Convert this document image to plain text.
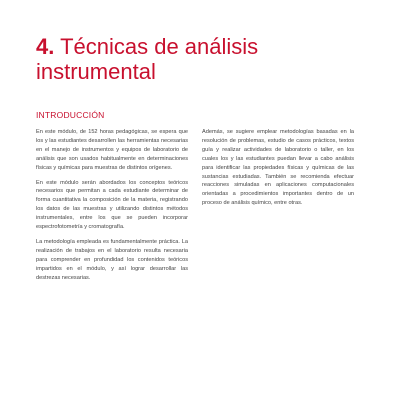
4. Técnicas de análisis instrumental
INTRODUCCIÓN

En este módulo, de 152 horas pedagógicas, se espera que los y las estudiantes desarrollen las herramientas necesarias en el manejo de instrumentos y equipos de laboratorio de análisis que son usados habitualmente en determinaciones físicas y químicas para muestras de distintos orígenes.

En este módulo serán abordados los conceptos teóricos necesarios que permitan a cada estudiante determinar de forma cuantitativa la composición de la materia, registrando los datos de las muestras y utilizando distintos métodos instrumentales, entre los que se pueden incorporar espectrofotometría y cromatografía.

La metodología empleada es fundamentalmente práctica. La realización de trabajos en el laboratorio resulta necesaria para comprender en profundidad los contenidos teóricos impartidos en el módulo, y así lograr desarrollar las destrezas necesarias.

Además, se sugiere emplear metodologías basadas en la resolución de problemas, estudio de casos prácticos, textos guía y realizar actividades de laboratorio o taller, en los cuales los y las estudiantes puedan llevar a cabo análisis para identificar las propiedades físicas y químicas de las sustancias estudiadas. También se recomienda efectuar reacciones simuladas en aplicaciones computacionales orientadas a procedimientos importantes dentro de un proceso de análisis químico, entre otras.
